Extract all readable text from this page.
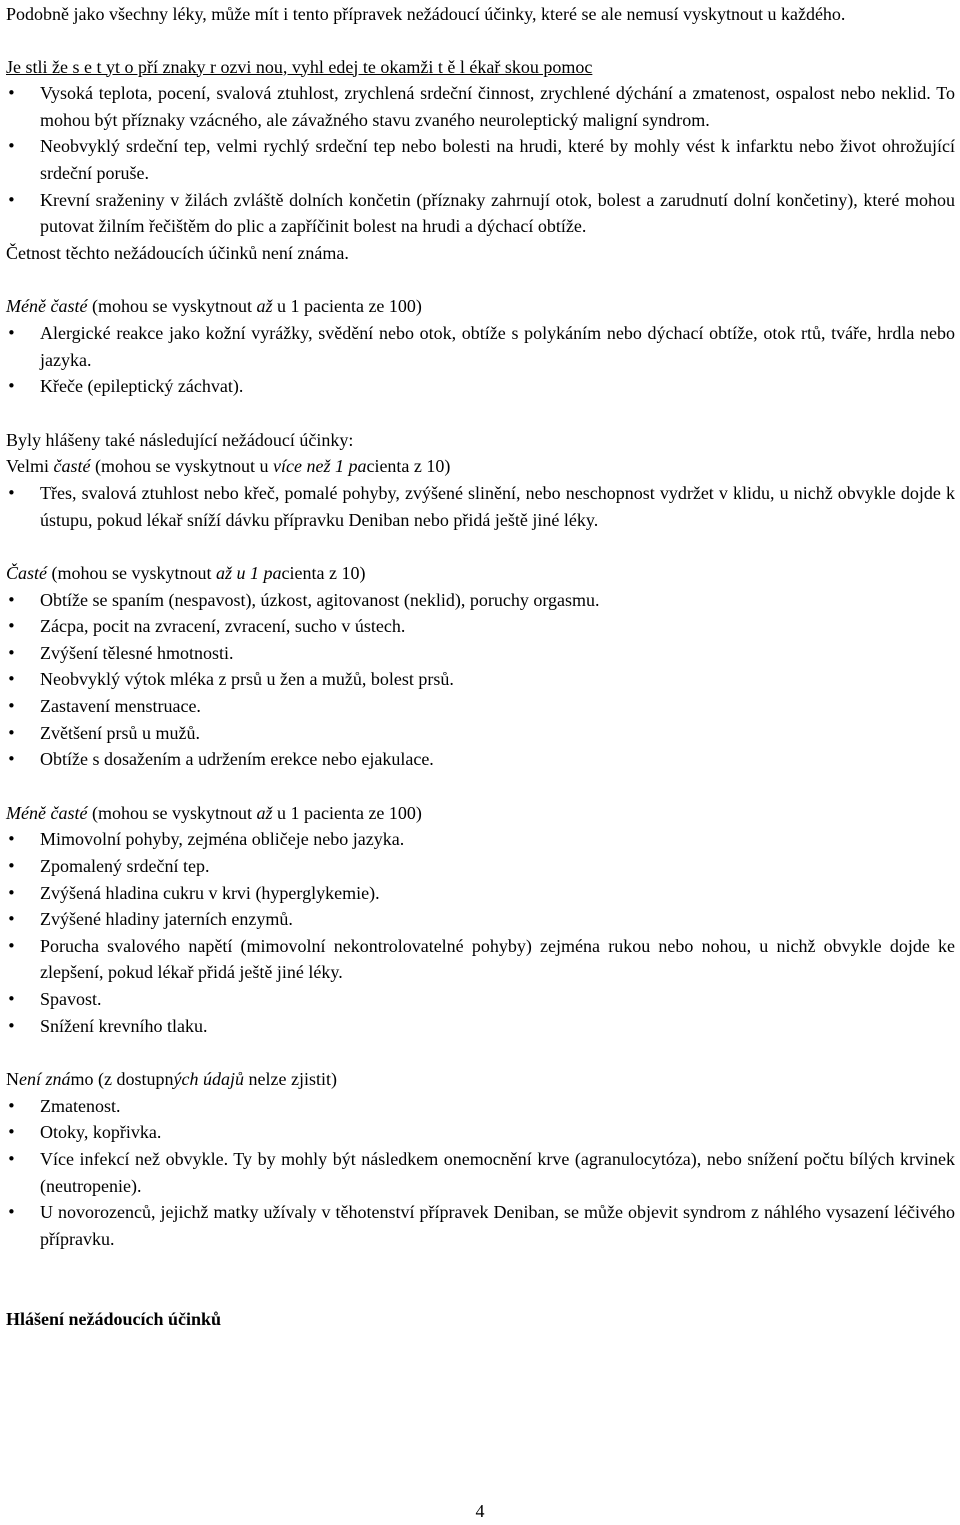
Podobně jako všechny léky, může mít i tento přípravek nežádoucí účinky, které se ale nemusí vyskytnout u každého.

Je stli že s e t yt o pří znaky r ozvi nou, vyhl edej te okamži t ě l ékař skou pomoc

• Vysoká teplota, pocení, svalová ztuhlost, zrychlená srdeční činnost, zrychlené dýchání a zmatenost, ospalost nebo neklid. To mohou být příznaky vzácného, ale závažného stavu zvaného neuroleptický maligní syndrom.
• Neobvyklý srdeční tep, velmi rychlý srdeční tep nebo bolesti na hrudi, které by mohly vést k infarktu nebo život ohrožující srdeční poruše.
• Krevní sraženiny v žilách zvláště dolních končetin (příznaky zahrnují otok, bolest a zarudnutí dolní končetiny), které mohou putovat žilním řečištěm do plic a zapříčinit bolest na hrudi a dýchací obtíže.

Četnost těchto nežádoucích účinků není známa.

Méně časté (mohou se vyskytnout až u 1 pacienta ze 100)

• Alergické reakce jako kožní vyrážky, svědění nebo otok, obtíže s polykáním nebo dýchací obtíže, otok rtů, tváře, hrdla nebo jazyka.
• Křeče (epileptický záchvat).

Byly hlášeny také následující nežádoucí účinky:

Velmi časté (mohou se vyskytnout u více než 1 pacienta z 10)

• Třes, svalová ztuhlost nebo křeč, pomalé pohyby, zvýšené slinění, nebo neschopnost vydržet v klidu, u nichž obvykle dojde k ústupu, pokud lékař sníží dávku přípravku Deniban nebo přidá ještě jiné léky.

Časté (mohou se vyskytnout až u 1 pacienta z 10)

• Obtíže se spaním (nespavost), úzkost, agitovanost (neklid), poruchy orgasmu.
• Zácpa, pocit na zvracení, zvracení, sucho v ústech.
• Zvýšení tělesné hmotnosti.
• Neobvyklý výtok mléka z prsů u žen a mužů, bolest prsů.
• Zastavení menstruace.
• Zvětšení prsů u mužů.
• Obtíže s dosažením a udržením erekce nebo ejakulace.

Méně časté (mohou se vyskytnout až u 1 pacienta ze 100)

• Mimovolní pohyby, zejména obličeje nebo jazyka.
• Zpomalený srdeční tep.
• Zvýšená hladina cukru v krvi (hyperglykemie).
• Zvýšené hladiny jaterních enzymů.
• Porucha svalového napětí (mimovolní nekontrolovatelné pohyby) zejména rukou nebo nohou, u nichž obvykle dojde ke zlepšení, pokud lékař přidá ještě jiné léky.
• Spavost.
• Snížení krevního tlaku.

Není známo (z dostupných údajů nelze zjistit)

• Zmatenost.
• Otoky, kopřivka.
• Více infekcí než obvykle. Ty by mohly být následkem onemocnění krve (agranulocytóza), nebo snížení počtu bílých krvinek (neutropenie).
• U novorozenců, jejichž matky užívaly v těhotenství přípravek Deniban, se může objevit syndrom z náhlého vysazení léčivého přípravku.

Hlášení nežádoucích účinků

4
